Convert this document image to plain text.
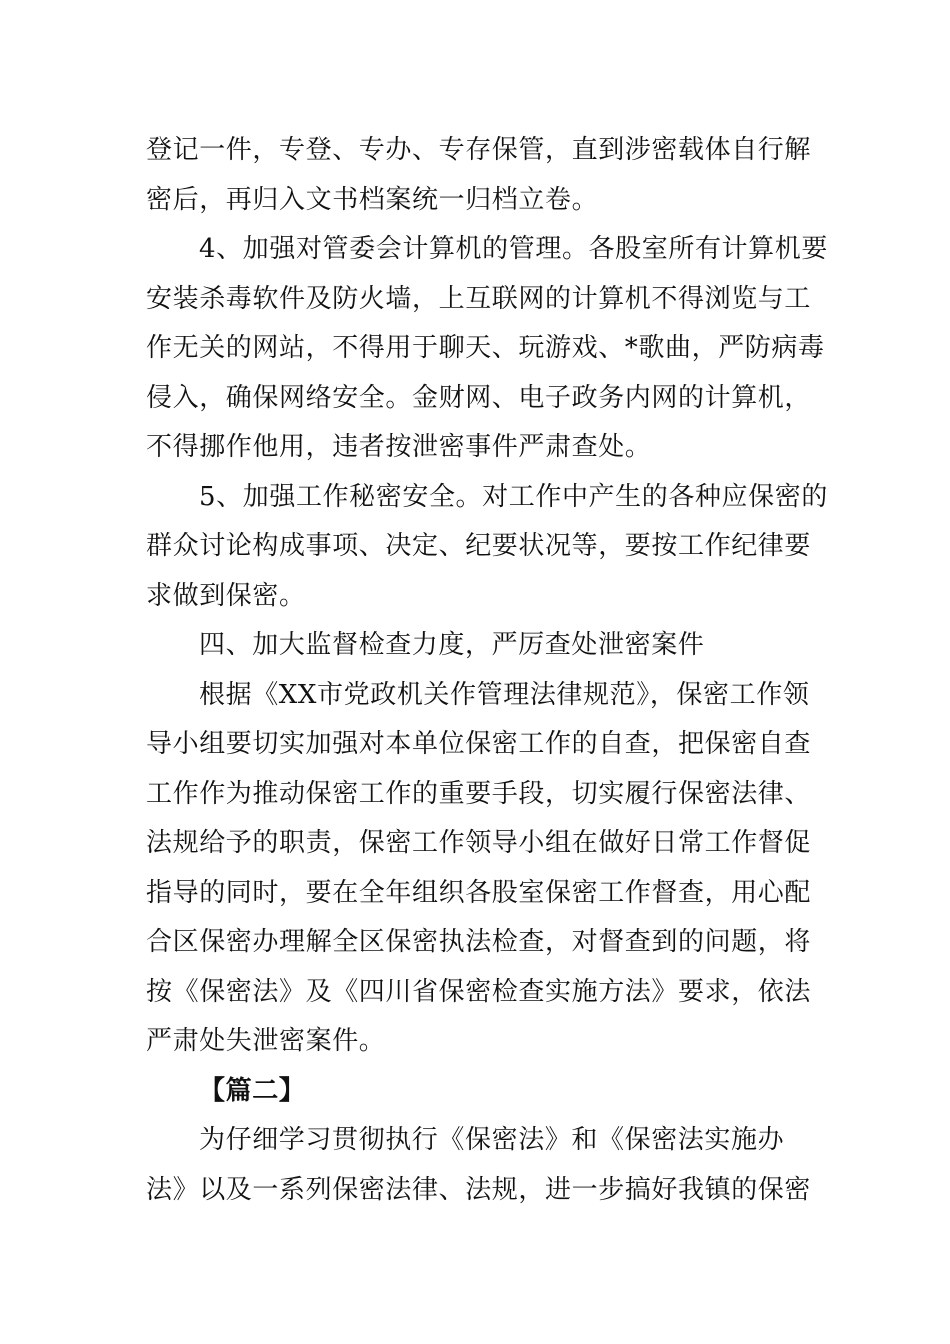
登记一件，专登、专办、专存保管，直到涉密载体自行解
密后，再归入文书档案统一归档立卷。
4、加强对管委会计算机的管理。各股室所有计算机要
安装杀毒软件及防火墙，上互联网的计算机不得浏览与工
作无关的网站，不得用于聊天、玩游戏、*歌曲，严防病毒
侵入，确保网络安全。金财网、电子政务内网的计算机，
不得挪作他用，违者按泄密事件严肃查处。
5、加强工作秘密安全。对工作中产生的各种应保密的
群众讨论构成事项、决定、纪要状况等，要按工作纪律要
求做到保密。
四、加大监督检查力度，严厉查处泄密案件
根据《XX市党政机关作管理法律规范》，保密工作领
导小组要切实加强对本单位保密工作的自查，把保密自查
工作作为推动保密工作的重要手段，切实履行保密法律、
法规给予的职责，保密工作领导小组在做好日常工作督促
指导的同时，要在全年组织各股室保密工作督查，用心配
合区保密办理解全区保密执法检查，对督查到的问题，将
按《保密法》及《四川省保密检查实施方法》要求，依法
严肃处失泄密案件。
【篇二】
为仔细学习贯彻执行《保密法》和《保密法实施办
法》以及一系列保密法律、法规，进一步搞好我镇的保密
